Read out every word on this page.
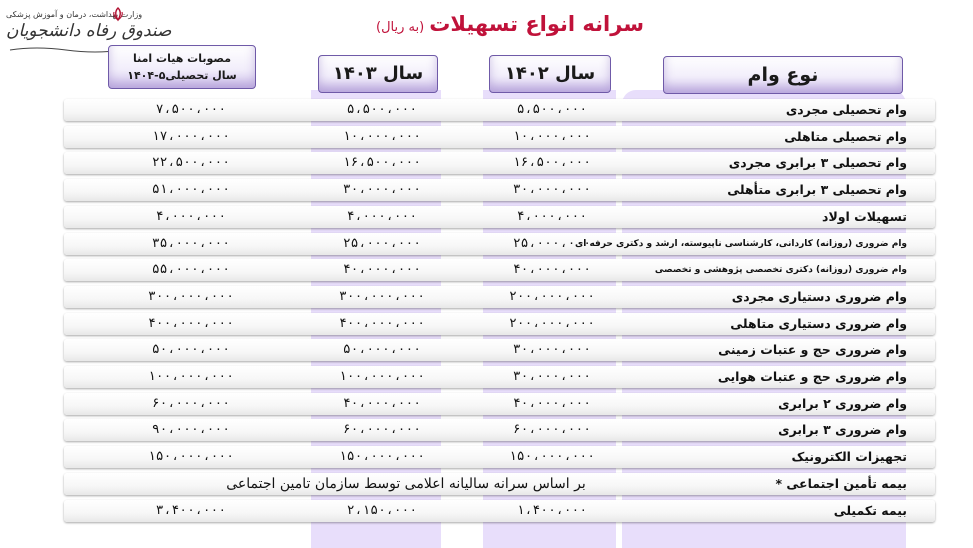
وزارت بهداشت، درمان و آموزش پزشکی
صندوق رفاه دانشجویان	سرانه انواع تسهیلات (به ریال)
نوع وام
سال ۱۴۰۲
سال ۱۴۰۳
مصوبات هیات امنا
سال تحصیلی۵-۱۴۰۴
وام تحصیلی مجردی
۵،۵۰۰،۰۰۰
۵،۵۰۰،۰۰۰
۷،۵۰۰،۰۰۰
وام تحصیلی متاهلی
۱۰،۰۰۰،۰۰۰
۱۰،۰۰۰،۰۰۰
۱۷،۰۰۰،۰۰۰
وام تحصیلی ۳ برابری مجردی
۱۶،۵۰۰،۰۰۰
۱۶،۵۰۰،۰۰۰
۲۲،۵۰۰،۰۰۰
وام تحصیلی ۳ برابری متأهلی
۳۰،۰۰۰،۰۰۰
۳۰،۰۰۰،۰۰۰
۵۱،۰۰۰،۰۰۰
تسهیلات اولاد
۴،۰۰۰،۰۰۰
۴،۰۰۰،۰۰۰
۴،۰۰۰،۰۰۰
وام ضروری (روزانه) کاردانی، کارشناسی ناپیوسته، ارشد و دکتری حرفه ای
۲۵،۰۰۰،۰۰۰
۲۵،۰۰۰،۰۰۰
۳۵،۰۰۰،۰۰۰
وام ضروری (روزانه) دکتری تخصصی پژوهشی و تخصصی
۴۰،۰۰۰،۰۰۰
۴۰،۰۰۰،۰۰۰
۵۵،۰۰۰،۰۰۰
وام ضروری دستیاری مجردی
۲۰۰،۰۰۰،۰۰۰
۳۰۰،۰۰۰،۰۰۰
۳۰۰،۰۰۰،۰۰۰
وام ضروری دستیاری متاهلی
۲۰۰،۰۰۰،۰۰۰
۴۰۰،۰۰۰،۰۰۰
۴۰۰،۰۰۰،۰۰۰
وام ضروری حج و عتبات زمینی
۳۰،۰۰۰،۰۰۰
۵۰،۰۰۰،۰۰۰
۵۰،۰۰۰،۰۰۰
وام ضروری حج و عتبات هوایی
۳۰،۰۰۰،۰۰۰
۱۰۰،۰۰۰،۰۰۰
۱۰۰،۰۰۰،۰۰۰
وام ضروری ۲ برابری
۴۰،۰۰۰،۰۰۰
۴۰،۰۰۰،۰۰۰
۶۰،۰۰۰،۰۰۰
وام ضروری ۳ برابری
۶۰،۰۰۰،۰۰۰
۶۰،۰۰۰،۰۰۰
۹۰،۰۰۰،۰۰۰
تجهیزات الکترونیک
۱۵۰،۰۰۰،۰۰۰
۱۵۰،۰۰۰،۰۰۰
۱۵۰،۰۰۰،۰۰۰
بیمه تأمین اجتماعی *
بر اساس سرانه سالیانه اعلامی توسط سازمان تامین اجتماعی
بیمه تکمیلی
۱،۴۰۰،۰۰۰
۲،۱۵۰،۰۰۰
۳،۴۰۰،۰۰۰
